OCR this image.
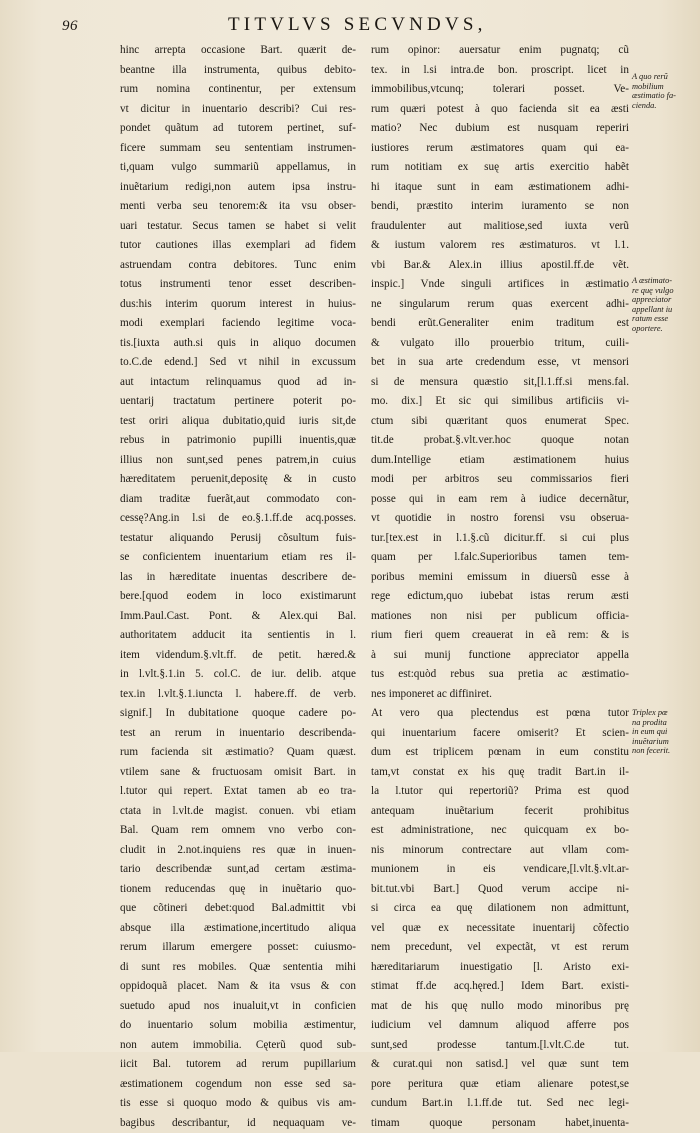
96	TITVLVS SECVNDVS,
hinc arrepta occasione Bart. quærit de-
beantne illa instrumenta, quibus debito-
rum nomina continentur, per extensum
vt dicitur in inuentario describi? Cui res-
pondet quãtum ad tutorem pertinet, suf-
ficere summam seu sententiam instrumen-
ti,quam vulgo summariũ appellamus, in
inuẽtarium redigi,non autem ipsa instru-
menti verba seu tenorem:& ita vsu obser-
uari testatur. Secus tamen se habet si velit
tutor cautiones illas exemplari ad fidem
astruendam contra debitores. Tunc enim
totus instrumenti tenor esset describen-
dus:his interim quorum interest in huius-
modi exemplari faciendo legitime voca-
tis.[iuxta auth.si quis in aliquo documen
to.C.de edend.] Sed vt nihil in excussum
aut intactum relinquamus quod ad in-
uentarij tractatum pertinere poterit po-
test oriri aliqua dubitatio,quid iuris sit,de
rebus in patrimonio pupilli inuentis,quæ
illius non sunt,sed penes patrem,in cuius
hæreditatem peruenit,depositę & in custo
diam traditæ fuerãt,aut commodato con-
cessę?Ang.in l.si de eo.§.1.ff.de acq.posses.
testatur aliquando Perusij cõsultum fuis-
se conficientem inuentarium etiam res il-
las in hæreditate inuentas describere de-
bere.[quod eodem in loco existimarunt
Imm.Paul.Cast. Pont. & Alex.qui Bal.
authoritatem adducit ita sentientis in l.
item videndum.§.vlt.ff. de petit. hæred.&
in l.vlt.§.1.in 5. col.C. de iur. delib. atque
tex.in l.vlt.§.1.iuncta l. habere.ff. de verb.
signif.] In dubitatione quoque cadere po-
test an rerum in inuentario describenda-
rum facienda sit æstimatio? Quam quæst.
vtilem sane & fructuosam omisit Bart. in
l.tutor qui repert. Extat tamen ab eo tra-
ctata in l.vlt.de magist. conuen. vbi etiam
Bal. Quam rem omnem vno verbo con-
cludit in 2.not.inquiens res quæ in inuen-
tario describendæ sunt,ad certam æstima-
tionem reducendas quę in inuẽtario quo-
que cõtineri debet:quod Bal.admittit vbi
absque illa æstimatione,incertitudo aliqua
rerum illarum emergere posset: cuiusmo-
di sunt res mobiles. Quæ sententia mihi
oppidoquã placet. Nam & ita vsus & con
suetudo apud nos inualuit,vt in conficien
do inuentario solum mobilia æstimentur,
non autem immobilia. Cęterũ quod sub-
iicit Bal. tutorem ad rerum pupillarium
æstimationem cogendum non esse sed sa-
tis esse si quoquo modo & quibus vis am-
bagibus describantur, id nequaquam ve-
rum opinor: auersatur enim pugnatq; cũ
tex. in l.si intra.de bon. proscript. licet in
immobilibus,vtcunq; tolerari posset. Ve-
rum quæri potest à quo facienda sit ea æsti
matio? Nec dubium est nusquam reperiri
iustiores rerum æstimatores quam qui ea-
rum notitiam ex suę artis exercitio habẽt
hi itaque sunt in eam æstimationem adhi-
bendi, præstito interim iuramento se non
fraudulenter aut malitiose,sed iuxta verũ
& iustum valorem res æstimaturos. vt l.1.
vbi Bar.& Alex.in illius apostil.ff.de vẽt.
inspic.] Vnde singuli artifices in æstimatio
ne singularum rerum quas exercent adhi-
bendi erũt.Generaliter enim traditum est
& vulgato illo prouerbio tritum, cuili-
bet in sua arte credendum esse, vt mensori
si de mensura quæstio sit,[l.1.ff.si mens.fal.
mo. dix.] Et sic qui similibus artificiis vi-
ctum sibi quæritant quos enumerat Spec.
tit.de probat.§.vlt.ver.hoc quoque notan
dum.Intellige etiam æstimationem huius
modi per arbitros seu commissarios fieri
posse qui in eam rem à iudice decernãtur,
vt quotidie in nostro forensi vsu obserua-
tur.[tex.est in l.1.§.cũ dicitur.ff. si cui plus
quam per l.falc.Superioribus tamen tem-
poribus memini emissum in diuersũ esse à
rege edictum,quo iubebat istas rerum æsti
mationes non nisi per publicum officia-
rium fieri quem creauerat in eã rem: & is
à sui munij functione appreciator appella
tus est:quòd rebus sua pretia ac æstimatio-
nes imponeret ac diffiniret.
At vero qua plectendus est pœna tutor
qui inuentarium facere omiserit? Et scien-
dum est triplicem pœnam in eum constitu
tam,vt constat ex his quę tradit Bart.in il-
la l.tutor qui repertoriũ? Prima est quod
antequam inuẽtarium fecerit prohibitus
est administratione, nec quicquam ex bo-
nis minorum contrectare aut vllam com-
munionem in eis vendicare,[l.vlt.§.vlt.ar-
bit.tut.vbi Bart.] Quod verum accipe ni-
si circa ea quę dilationem non admittunt,
vel quæ ex necessitate inuentarij cõfectio
nem precedunt, vel expectãt, vt est rerum
hæreditariarum inuestigatio [l. Aristo exi-
stimat ff.de acq.hęred.] Idem Bart. existi-
mat de his quę nullo modo minoribus prę
iudicium vel damnum aliquod afferre pos
sunt,sed prodesse tantum.[l.vlt.C.de tut.
& curat.qui non satisd.] vel quæ sunt tem
pore peritura quæ etiam alienare potest,se
cundum Bart.in l.1.ff.de tut. Sed nec legi-
timam quoque personam habet,inuenta-
A quo rerũ
mobilium
æstimatio fa-
cienda.
A æstimato-
re quę vulgo
appreciator
appellant iu
ratum esse
oportere.
Triplex pœ
na prodita
in eum qui
inuẽtarium
non fecerit.
